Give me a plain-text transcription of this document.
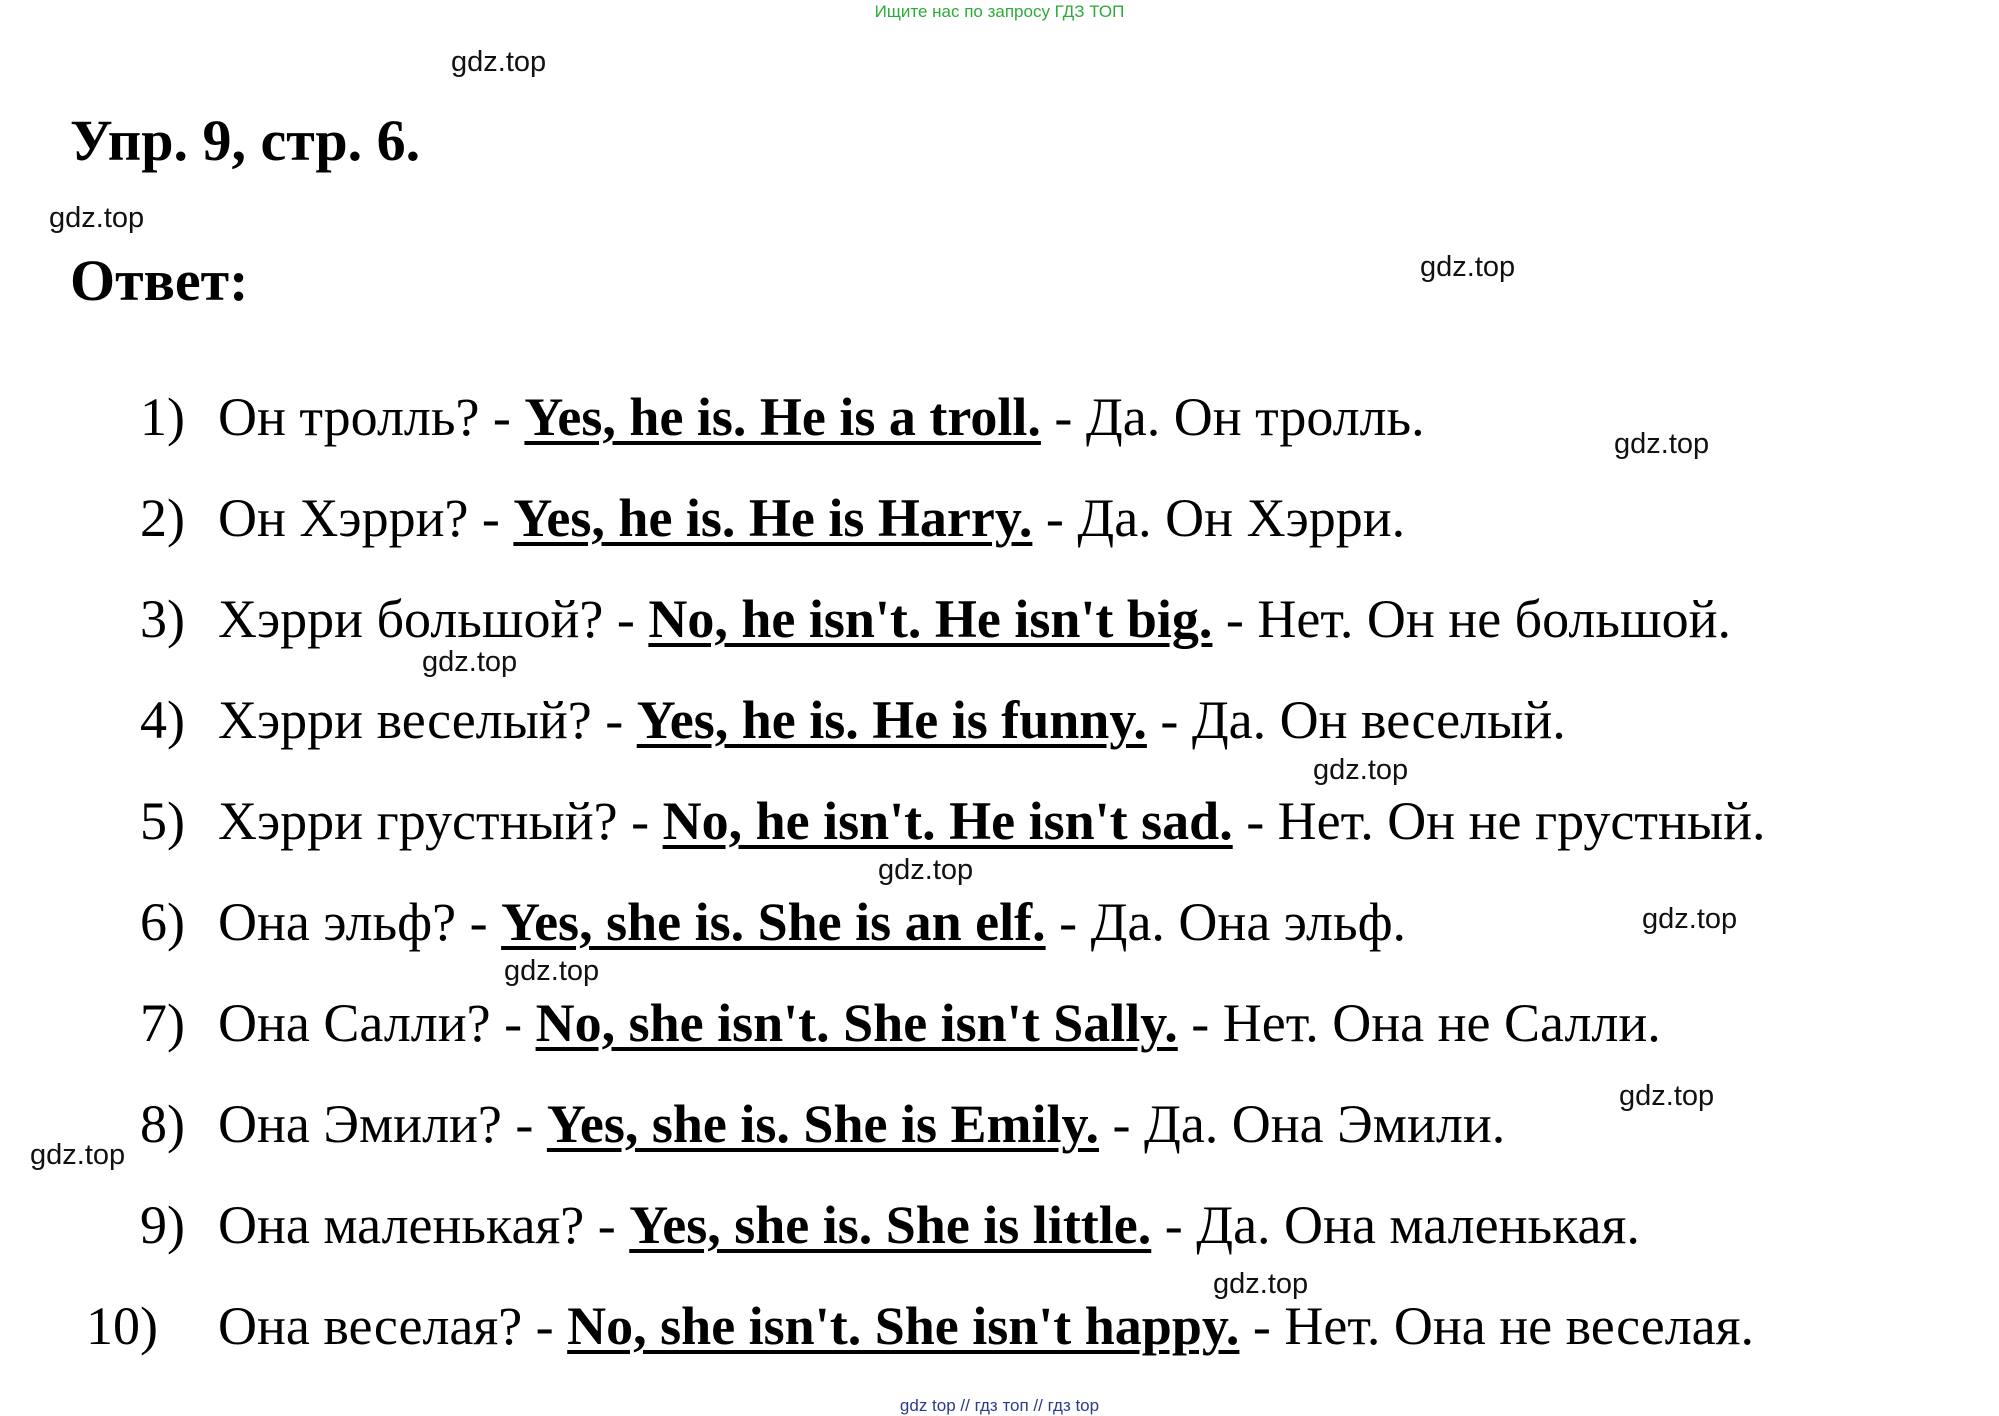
Ищите нас по запросу ГДЗ ТОП
Упр. 9, стр. 6.
Ответ:
1) Он тролль? - Yes, he is. He is a troll. - Да. Он тролль.
2) Он Хэрри? - Yes, he is. He is Harry. - Да. Он Хэрри.
3) Хэрри большой? - No, he isn't. He isn't big. - Нет. Он не большой.
4) Хэрри веселый? - Yes, he is. He is funny. - Да. Он веселый.
5) Хэрри грустный? - No, he isn't. He isn't sad. - Нет. Он не грустный.
6) Она эльф? - Yes, she is. She is an elf. - Да. Она эльф.
7) Она Салли? - No, she isn't. She isn't Sally. - Нет. Она не Салли.
8) Она Эмили? - Yes, she is. She is Emily. - Да. Она Эмили.
9) Она маленькая? - Yes, she is. She is little. - Да. Она маленькая.
10) Она веселая? - No, she isn't. She isn't happy. - Нет. Она не веселая.
gdz.top
gdz.top
gdz.top
gdz.top
gdz.top
gdz.top
gdz.top
gdz.top
gdz.top
gdz.top
gdz.top
gdz.top
gdz top // гдз топ // гдз top
